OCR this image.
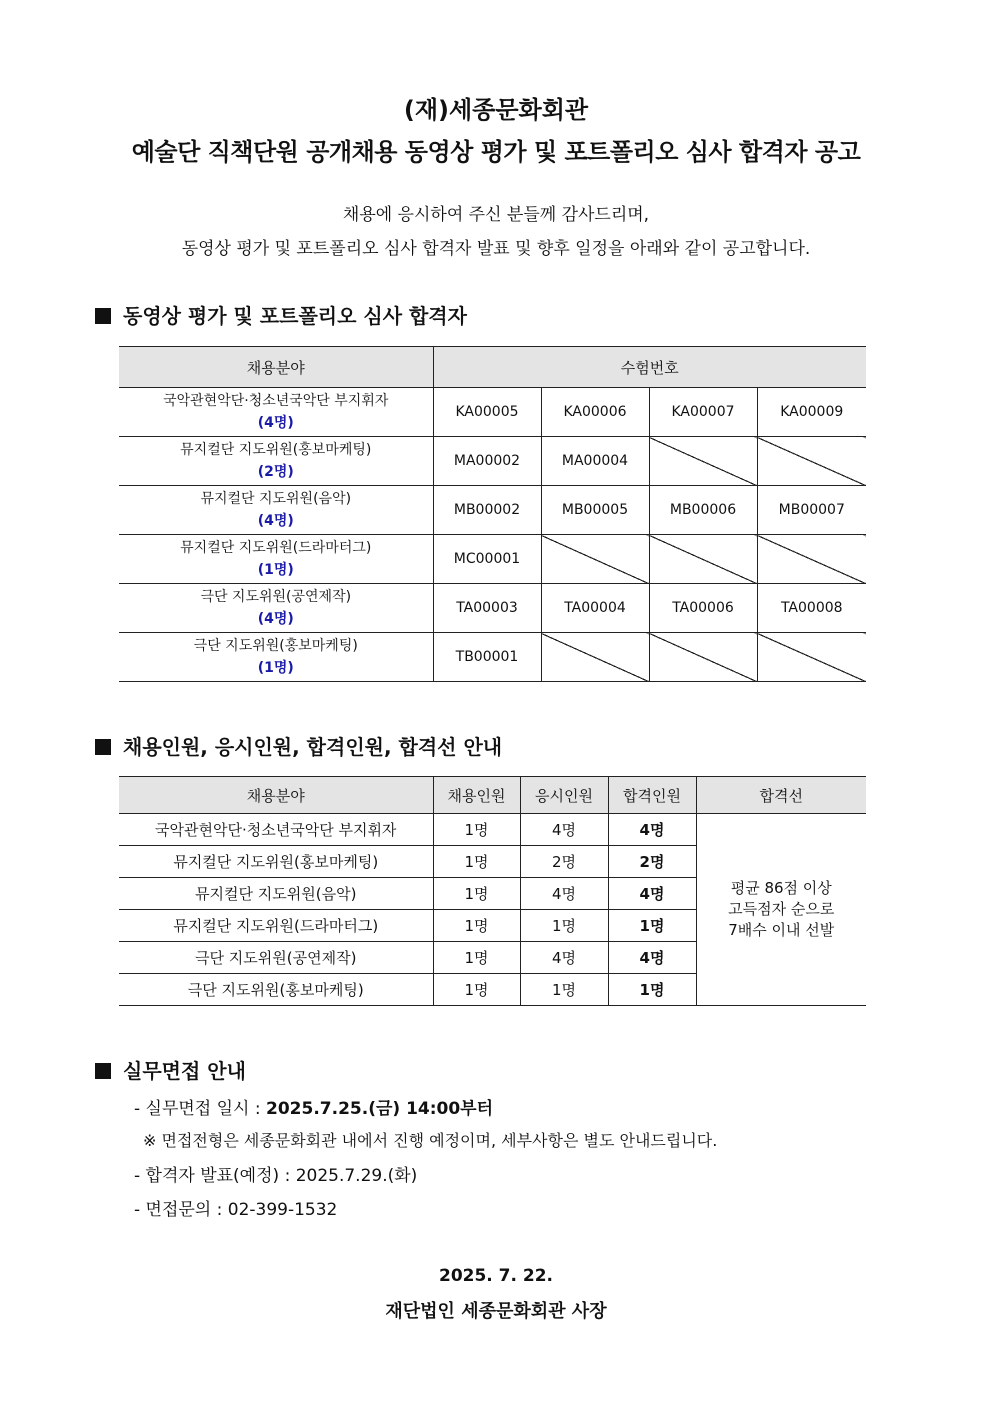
(재)세종문화회관
예술단 직책단원 공개채용 동영상 평가 및 포트폴리오 심사 합격자 공고
채용에 응시하여 주신 분들께 감사드리며,
동영상 평가 및 포트폴리오 심사 합격자 발표 및 향후 일정을 아래와 같이 공고합니다.
동영상 평가 및 포트폴리오 심사 합격자
채용분야	수험번호			

국악관현악단·청소년국악단 부지휘자
(4명)	KA00005	KA00006	KA00007	KA00009

뮤지컬단 지도위원(홍보마케팅)
(2명)	MA00002	MA00004		

뮤지컬단 지도위원(음악)
(4명)	MB00002	MB00005	MB00006	MB00007

뮤지컬단 지도위원(드라마터그)
(1명)	MC00001			

극단 지도위원(공연제작)
(4명)	TA00003	TA00004	TA00006	TA00008

극단 지도위원(홍보마케팅)
(1명)	TB00001			
채용인원, 응시인원, 합격인원, 합격선 안내
채용분야	채용인원	응시인원	합격인원	합격선
국악관현악단·청소년국악단 부지휘자	1명	4명	4명	평균 86점 이상
고득점자 순으로
7배수 이내 선발

뮤지컬단 지도위원(홍보마케팅)	1명	2명	2명	
뮤지컬단 지도위원(음악)	1명	4명	4명	
뮤지컬단 지도위원(드라마터그)	1명	1명	1명	
극단 지도위원(공연제작)	1명	4명	4명	
극단 지도위원(홍보마케팅)	1명	1명	1명	
실무면접 안내
- 실무면접 일시 : 2025.7.25.(금) 14:00부터
※ 면접전형은 세종문화회관 내에서 진행 예정이며, 세부사항은 별도 안내드립니다.
- 합격자 발표(예정) : 2025.7.29.(화)
- 면접문의 : 02-399-1532
2025. 7. 22.
재단법인 세종문화회관 사장
